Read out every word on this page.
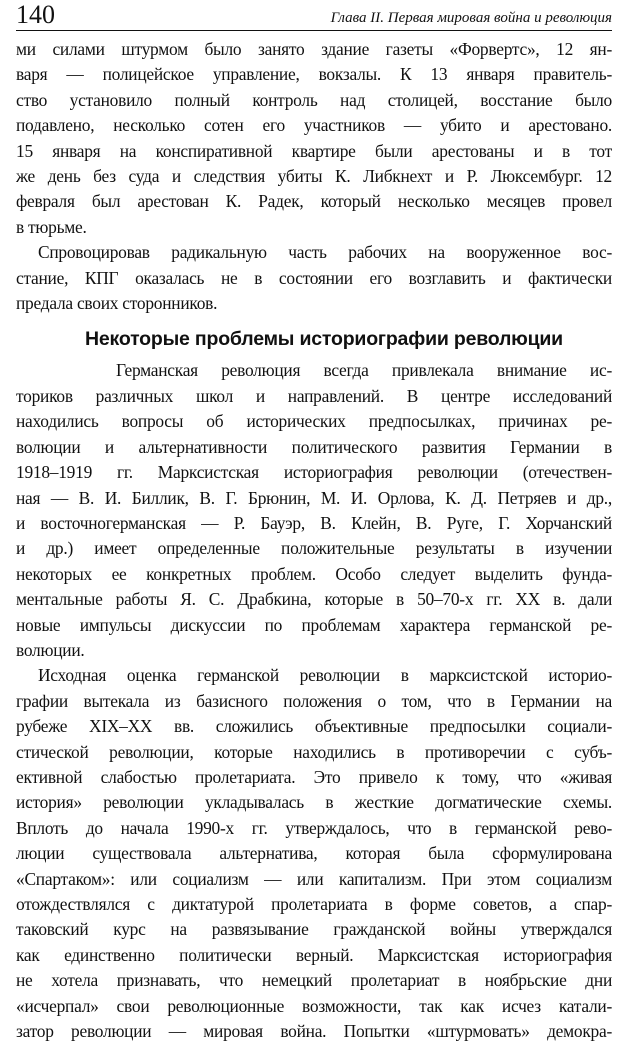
140	Глава II. Первая мировая война и революция
ми силами штурмом было занято здание газеты «Форвертс», 12 ян-
варя — полицейское управление, вокзалы. К 13 января правитель-
ство установило полный контроль над столицей, восстание было
подавлено, несколько сотен его участников — убито и арестовано.
15 января на конспиративной квартире были арестованы и в тот
же день без суда и следствия убиты К. Либкнехт и Р. Люксембург. 12
февраля был арестован К. Радек, который несколько месяцев провел
в тюрьме.
Спровоцировав радикальную часть рабочих на вооруженное вос-
стание, КПГ оказалась не в состоянии его возглавить и фактически
предала своих сторонников.
Некоторые проблемы историографии революции
Германская революция всегда привлекала внимание ис-
ториков различных школ и направлений. В центре исследований
находились вопросы об исторических предпосылках, причинах ре-
волюции и альтернативности политического развития Германии в
1918–1919 гг. Марксистская историография революции (отечествен-
ная — В. И. Биллик, В. Г. Брюнин, М. И. Орлова, К. Д. Петряев и др.,
и восточногерманская — Р. Бауэр, В. Клейн, В. Руге, Г. Хорчанский
и др.) имеет определенные положительные результаты в изучении
некоторых ее конкретных проблем. Особо следует выделить фунда-
ментальные работы Я. С. Драбкина, которые в 50–70-х гг. XX в. дали
новые импульсы дискуссии по проблемам характера германской ре-
волюции.
Исходная оценка германской революции в марксистской историо-
графии вытекала из базисного положения о том, что в Германии на
рубеже XIX–XX вв. сложились объективные предпосылки социали-
стической революции, которые находились в противоречии с субъ-
ективной слабостью пролетариата. Это привело к тому, что «живая
история» революции укладывалась в жесткие догматические схемы.
Вплоть до начала 1990-х гг. утверждалось, что в германской рево-
люции существовала альтернатива, которая была сформулирована
«Спартаком»: или социализм — или капитализм. При этом социализм
отождествлялся с диктатурой пролетариата в форме советов, а спар-
таковский курс на развязывание гражданской войны утверждался
как единственно политически верный. Марксистская историография
не хотела признавать, что немецкий пролетариат в ноябрьские дни
«исчерпал» свои революционные возможности, так как исчез катали-
затор революции — мировая война. Попытки «штурмовать» демокра-
